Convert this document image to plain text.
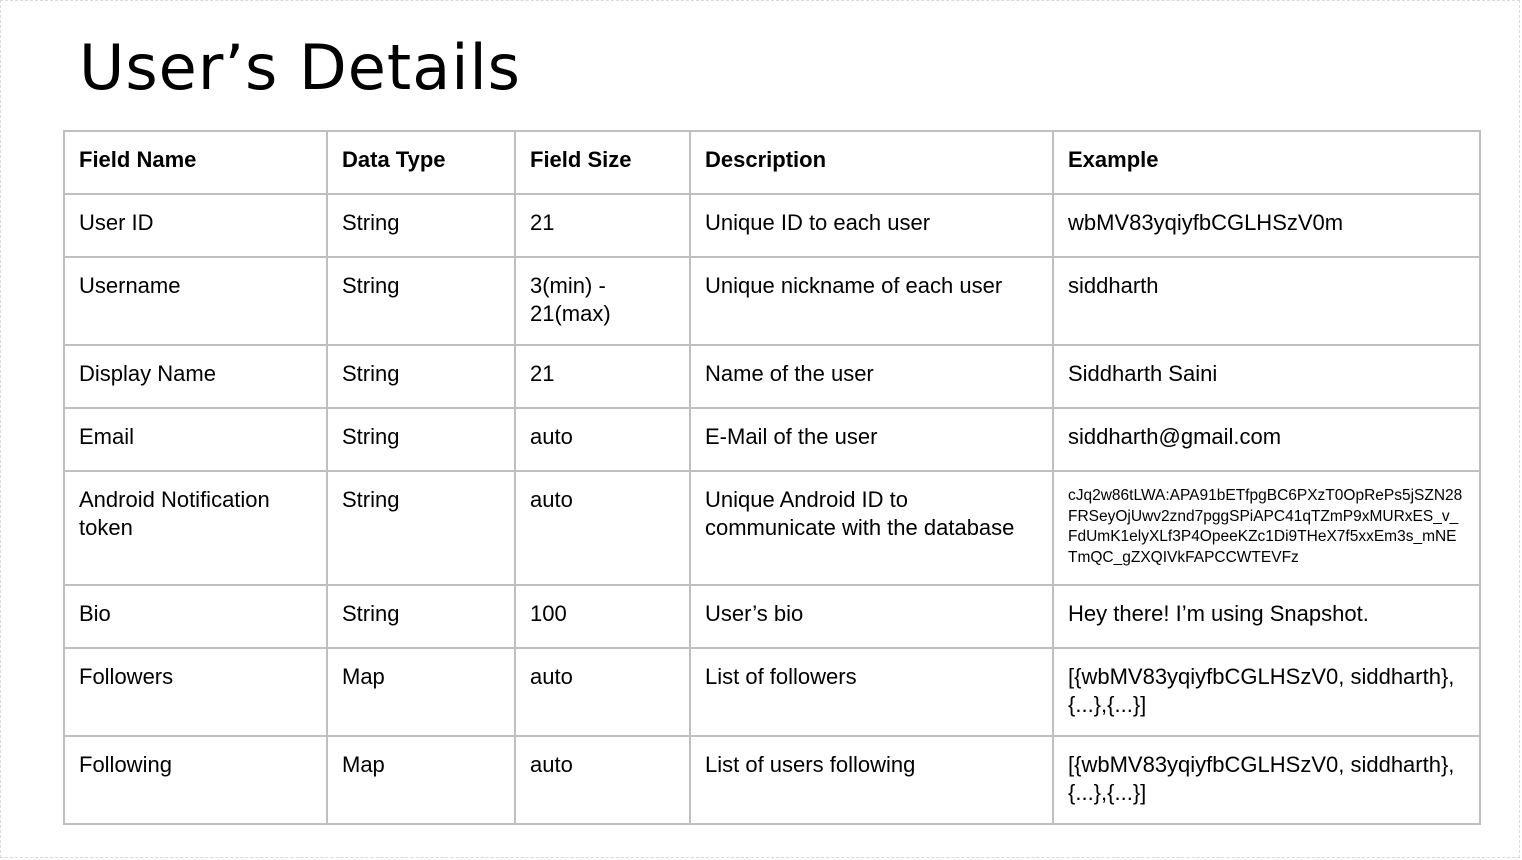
User’s Details
Field Name	Data Type	Field Size	Description	Example
User ID	String	21	Unique ID to each user	wbMV83yqiyfbCGLHSzV0m
Username	String	3(min) - 21(max)	Unique nickname of each user	siddharth
Display Name	String	21	Name of the user	Siddharth Saini
Email	String	auto	E-Mail of the user	siddharth@gmail.com
Android Notification token	String	auto	Unique Android ID to communicate with the database	cJq2w86tLWA:APA91bETfpgBC6PXzT0OpRePs5jSZN28FRSeyOjUwv2znd7pggSPiAPC41qTZmP9xMURxES_v_FdUmK1elyXLf3P4OpeeKZc1Di9THeX7f5xxEm3s_mNETmQC_gZXQIVkFAPCCWTEVFz
Bio	String	100	User’s bio	Hey there! I’m using Snapshot.
Followers	Map	auto	List of followers	[{wbMV83yqiyfbCGLHSzV0, siddharth},{...},{...}]
Following	Map	auto	List of users following	[{wbMV83yqiyfbCGLHSzV0, siddharth},{...},{...}]
